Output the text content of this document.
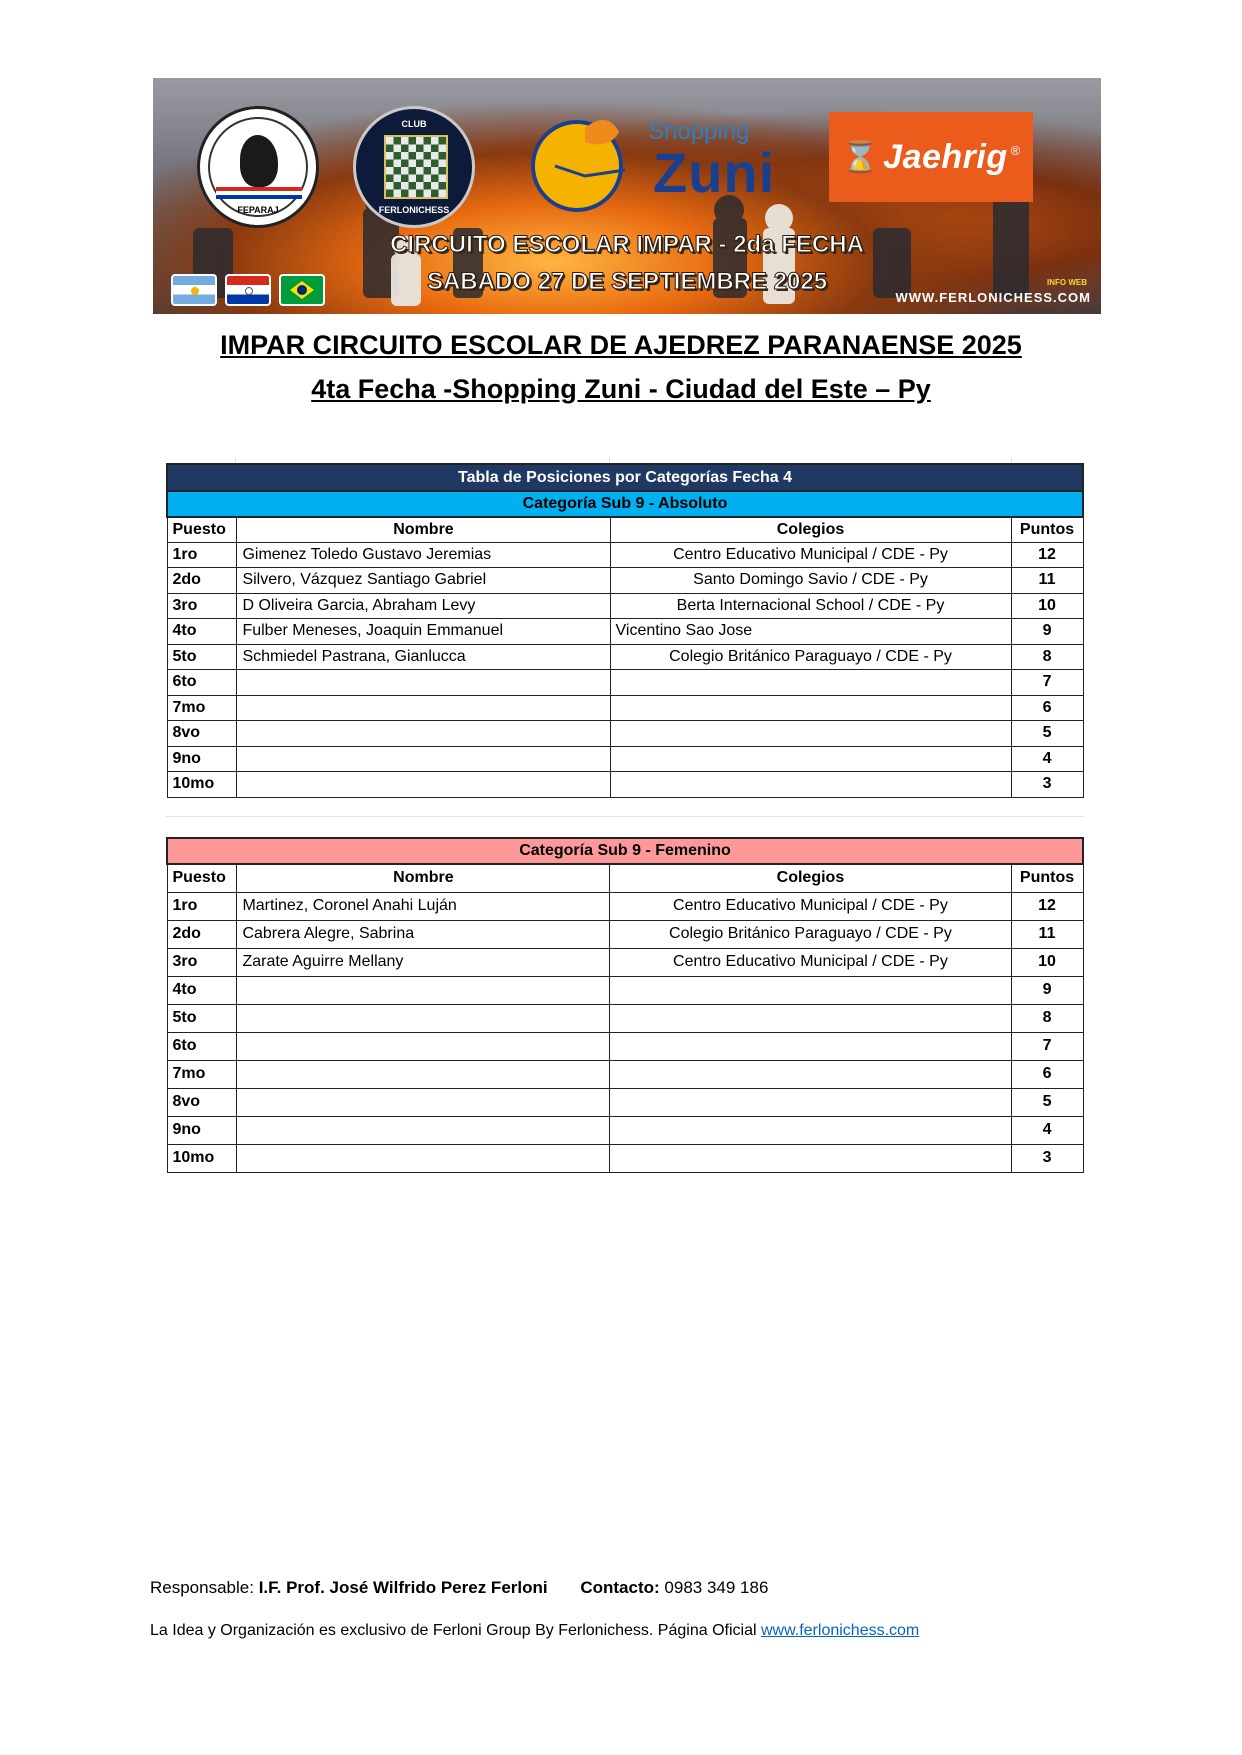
FEPARAJ
CLUB
FERLONICHESS
Shopping
Zuni ⌛ Jaehrig ®
CIRCUITO ESCOLAR IMPAR - 2da FECHA
SABADO 27 DE SEPTIEMBRE 2025	INFO WEB
WWW.FERLONICHESS.COM
IMPAR CIRCUITO ESCOLAR DE AJEDREZ PARANAENSE 2025
4ta Fecha -Shopping Zuni - Ciudad del Este – Py
Tabla de Posiciones por Categorías Fecha 4			
Categoría Sub 9 - Absoluto			
Puesto	Nombre	Colegios	Puntos
1ro	Gimenez Toledo Gustavo Jeremias	Centro Educativo Municipal / CDE - Py	12
2do	Silvero, Vázquez Santiago Gabriel	Santo Domingo Savio / CDE - Py	11
3ro	D Oliveira Garcia, Abraham Levy	Berta Internacional School / CDE - Py	10
4to	Fulber Meneses, Joaquin Emmanuel	Vicentino Sao Jose	9
5to	Schmiedel Pastrana, Gianlucca	Colegio Británico Paraguayo / CDE - Py	8
6to			7
7mo			6
8vo			5
9no			4
10mo			3
Categoría Sub 9 - Femenino			
Puesto	Nombre	Colegios	Puntos
1ro	Martinez, Coronel Anahi Luján	Centro Educativo Municipal / CDE - Py	12
2do	Cabrera Alegre, Sabrina	Colegio Británico Paraguayo / CDE - Py	11
3ro	Zarate Aguirre Mellany	Centro Educativo Municipal / CDE - Py	10
4to			9
5to			8
6to			7
7mo			6
8vo			5
9no			4
10mo			3
Responsable: I.F. Prof. José Wilfrido Perez Ferloni Contacto: 0983 349 186
La Idea y Organización es exclusivo de Ferloni Group By Ferlonichess. Página Oficial www.ferlonichess.com
